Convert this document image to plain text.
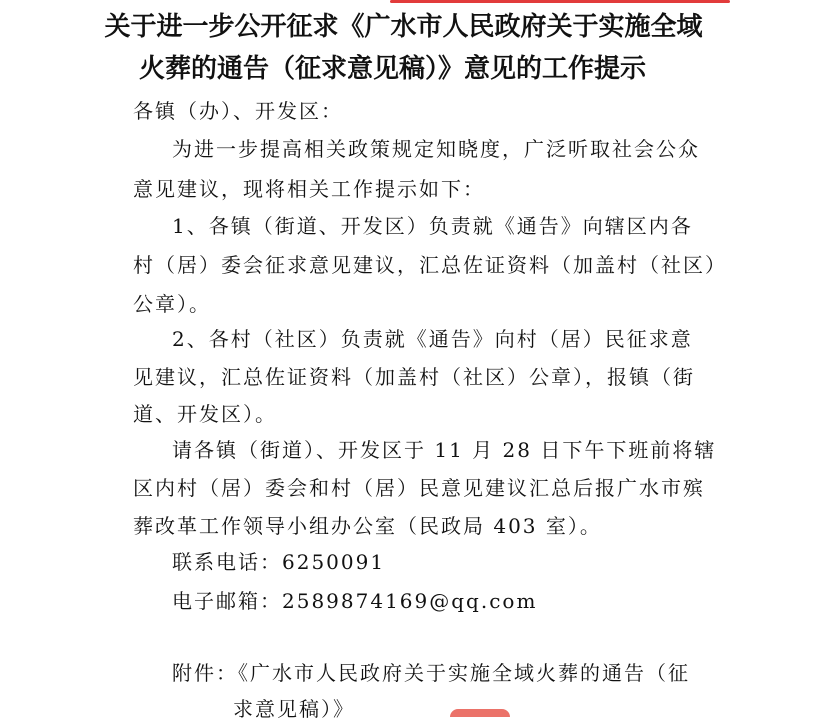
关于进一步公开征求《广水市人民政府关于实施全域
火葬的通告（征求意见稿）》意见的工作提示
各镇（办）、开发区：
为进一步提高相关政策规定知晓度，广泛听取社会公众
意见建议，现将相关工作提示如下：
1、各镇（街道、开发区）负责就《通告》向辖区内各
村（居）委会征求意见建议，汇总佐证资料（加盖村（社区）
公章）。
2、各村（社区）负责就《通告》向村（居）民征求意
见建议，汇总佐证资料（加盖村（社区）公章），报镇（街
道、开发区）。
请各镇（街道）、开发区于 11 月 28 日下午下班前将辖
区内村（居）委会和村（居）民意见建议汇总后报广水市殡
葬改革工作领导小组办公室（民政局 403 室）。
联系电话：6250091
电子邮箱：2589874169@qq.com
附件：《广水市人民政府关于实施全域火葬的通告（征
求意见稿）》
